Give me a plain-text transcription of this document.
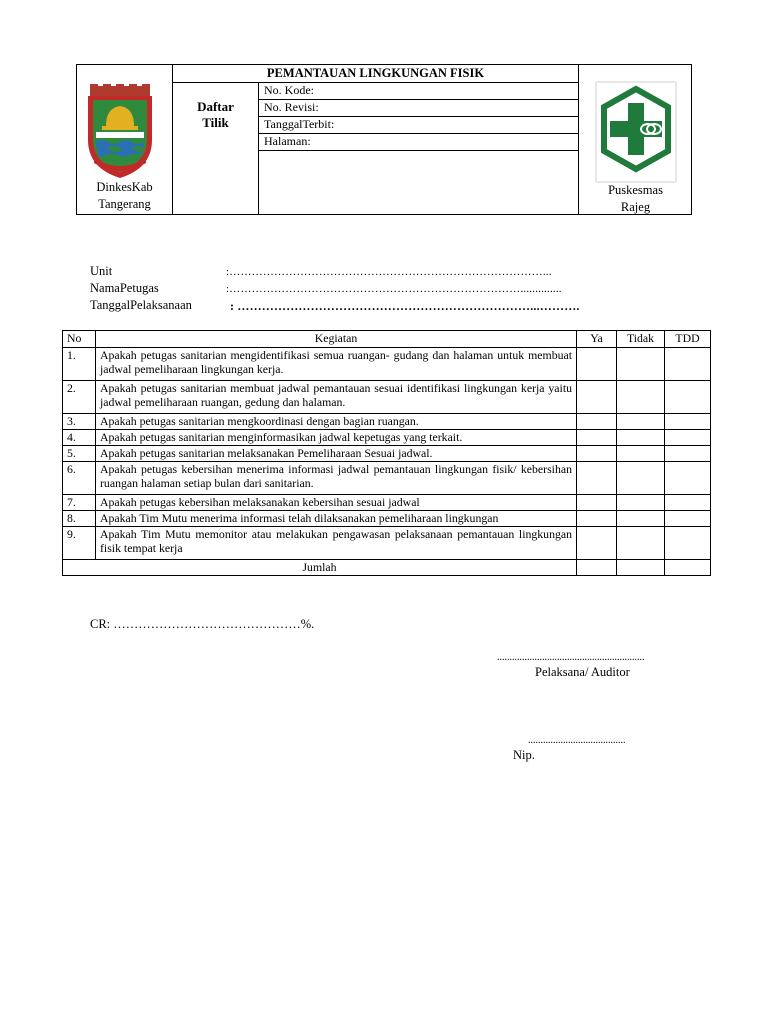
PEMANTAUAN LINGKUNGAN FISIK
Daftar
Tilik
No. Kode:
No. Revisi:
TanggalTerbit:
Halaman:
DinkesKab
Tangerang
Puskesmas
Rajeg
Unit	:…………………………………………………………………………...
NamaPetugas	:……………………………………………………………………..............
TanggalPelaksanaan	: ………………………………………………………………...……….
No	Kegiatan	Ya	Tidak	TDD
1.	Apakah petugas sanitarian mengidentifikasi semua ruangan- gudang dan halaman untuk membuat jadwal pemeliharaan lingkungan kerja.			
2.	Apakah petugas sanitarian membuat jadwal pemantauan sesuai identifikasi lingkungan kerja yaitu jadwal pemeliharaan ruangan, gedung dan halaman.			
3.	Apakah petugas sanitarian mengkoordinasi dengan bagian ruangan.			
4.	Apakah petugas sanitarian menginformasikan jadwal kepetugas yang terkait.			
5.	Apakah petugas sanitarian melaksanakan Pemeliharaan Sesuai jadwal.			
6.	Apakah petugas kebersihan menerima informasi jadwal pemantauan lingkungan fisik/ kebersihan ruangan halaman setiap bulan dari sanitarian.			
7.	Apakah petugas kebersihan melaksanakan kebersihan sesuai jadwal			
8.	Apakah Tim Mutu menerima informasi telah dilaksanakan pemeliharaan lingkungan			
9.	Apakah Tim Mutu memonitor atau melakukan pengawasan pelaksanaan pemantauan lingkungan fisik tempat kerja			
Jumlah				
CR: ………………………………………%.
...........................................................
Pelaksana/ Auditor
.......................................
Nip.
